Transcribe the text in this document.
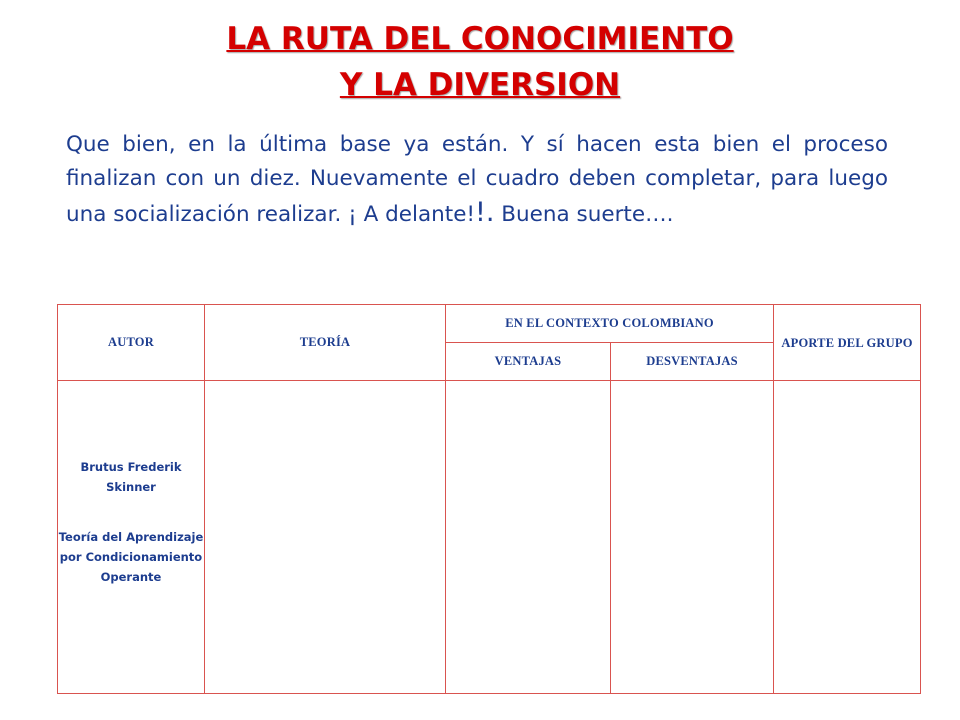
LA RUTA DEL CONOCIMIENTO
Y LA DIVERSION
Que bien, en la última base ya están. Y sí hacen esta bien el proceso finalizan con un diez. Nuevamente el cuadro deben completar, para luego una socialización realizar. ¡ A delante!!. Buena suerte….
AUTOR	TEORÍA	EN EL CONTEXTO COLOMBIANO		APORTE DEL GRUPO

		VENTAJAS	DESVENTAJAS	

Brutus Frederik Skinner
Teoría del Aprendizaje por Condicionamiento Operante				
